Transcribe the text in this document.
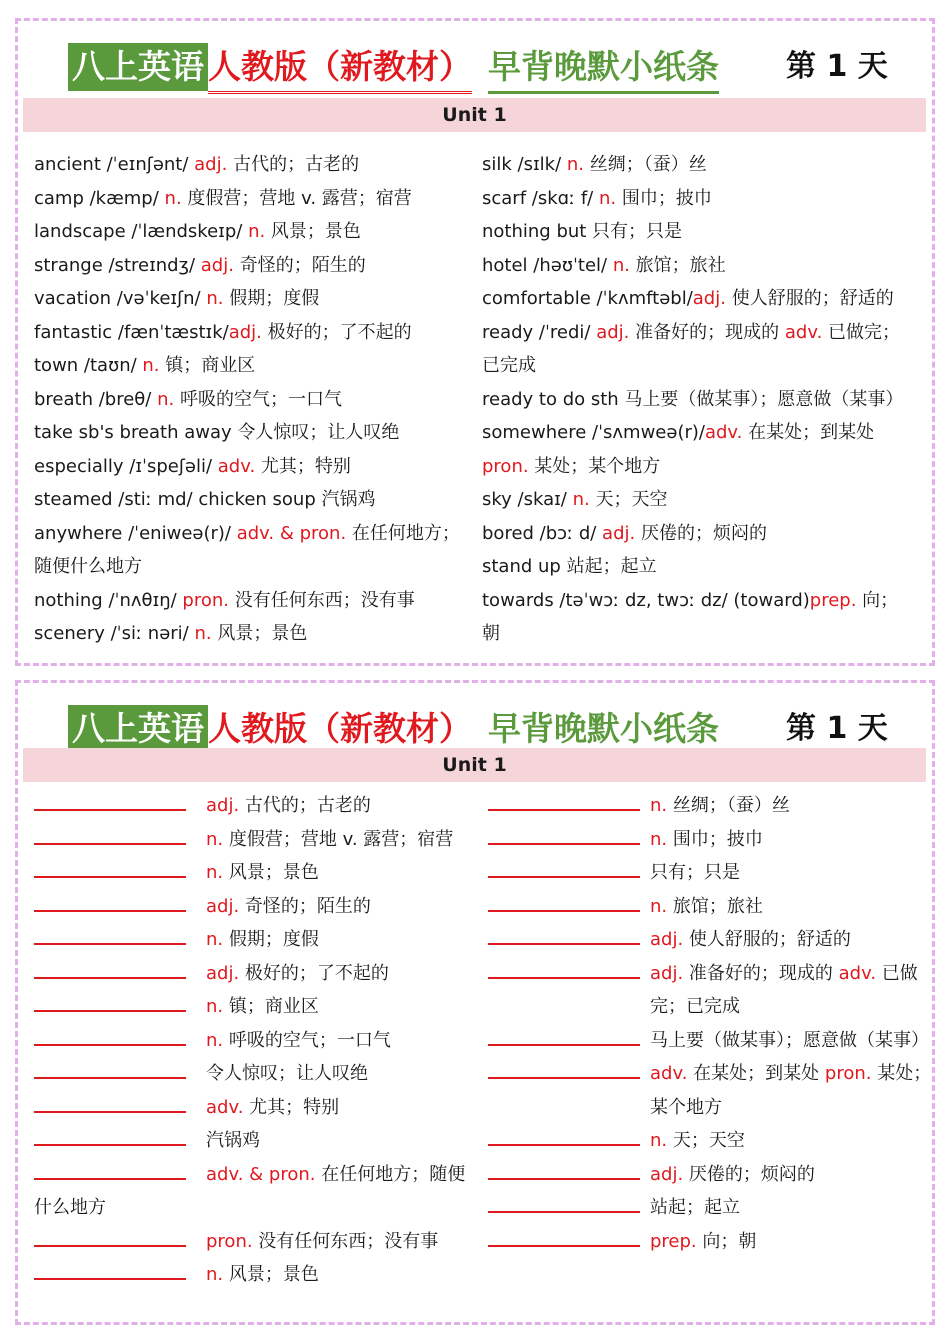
八上英语 人教版（新教材） 早背晚默小纸条 第 1 天
Unit 1
ancient /ˈeɪnʃənt/ adj. 古代的；古老的
camp /kæmp/ n. 度假营；营地 v. 露营；宿营
landscape /ˈlændskeɪp/ n. 风景；景色
strange /streɪndʒ/ adj. 奇怪的；陌生的
vacation /vəˈkeɪʃn/ n. 假期；度假
fantastic /fænˈtæstɪk/adj. 极好的；了不起的
town /taʊn/ n. 镇；商业区
breath /breθ/ n. 呼吸的空气；一口气
take sb's breath away 令人惊叹；让人叹绝
especially /ɪˈspeʃəli/ adv. 尤其；特别
steamed /stiː md/ chicken soup 汽锅鸡
anywhere /ˈeniweə(r)/ adv. & pron. 在任何地方；
随便什么地方
nothing /ˈnʌθɪŋ/ pron. 没有任何东西；没有事
scenery /ˈsiː nəri/ n. 风景；景色
silk /sɪlk/ n. 丝绸；（蚕）丝
scarf /skɑː f/ n. 围巾；披巾
nothing but 只有；只是
hotel /həʊˈtel/ n. 旅馆；旅社
comfortable /ˈkʌmftəbl/adj. 使人舒服的；舒适的
ready /ˈredi/ adj. 准备好的；现成的 adv. 已做完；
已完成
ready to do sth 马上要（做某事）；愿意做（某事）
somewhere /ˈsʌmweə(r)/adv. 在某处；到某处
pron. 某处；某个地方
sky /skaɪ/ n. 天；天空
bored /bɔː d/ adj. 厌倦的；烦闷的
stand up 站起；起立
towards /təˈwɔː dz, twɔː dz/ (toward)prep. 向；
朝
八上英语 人教版（新教材） 早背晚默小纸条 第 1 天
Unit 1
adj. 古代的；古老的
n. 度假营；营地 v. 露营；宿营
n. 风景；景色
adj. 奇怪的；陌生的
n. 假期；度假
adj. 极好的；了不起的
n. 镇；商业区
n. 呼吸的空气；一口气
令人惊叹；让人叹绝
adv. 尤其；特别
汽锅鸡
adv. & pron. 在任何地方；随便
什么地方
pron. 没有任何东西；没有事
n. 风景；景色
n. 丝绸；（蚕）丝
n. 围巾；披巾
只有；只是
n. 旅馆；旅社
adj. 使人舒服的；舒适的
adj. 准备好的；现成的 adv. 已做
完；已完成
马上要（做某事）；愿意做（某事）
adv. 在某处；到某处 pron. 某处；
某个地方
n. 天；天空
adj. 厌倦的；烦闷的
站起；起立
prep. 向；朝
